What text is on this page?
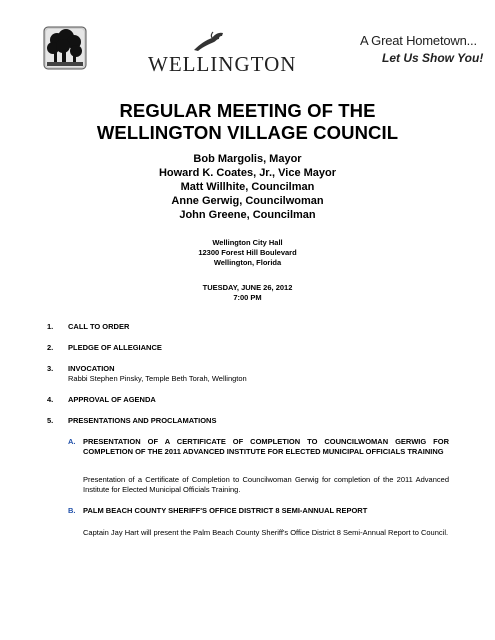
WELLINGTON
A Great Hometown...
Let Us Show You!
REGULAR MEETING OF THE
WELLINGTON VILLAGE COUNCIL
Bob Margolis, Mayor
Howard K. Coates, Jr., Vice Mayor
Matt Willhite, Councilman
Anne Gerwig, Councilwoman
John Greene, Councilman
Wellington City Hall
12300 Forest Hill Boulevard
Wellington, Florida
TUESDAY, JUNE 26, 2012
7:00 PM
1. CALL TO ORDER
2. PLEDGE OF ALLEGIANCE
3. INVOCATION
Rabbi Stephen Pinsky, Temple Beth Torah, Wellington
4. APPROVAL OF AGENDA
5. PRESENTATIONS AND PROCLAMATIONS
A. PRESENTATION OF A CERTIFICATE OF COMPLETION TO COUNCILWOMAN GERWIG FOR COMPLETION OF THE 2011 ADVANCED INSTITUTE FOR ELECTED MUNICIPAL OFFICIALS TRAINING
Presentation of a Certificate of Completion to Councilwoman Gerwig for completion of the 2011 Advanced Institute for Elected Municipal Officials Training.
B. PALM BEACH COUNTY SHERIFF'S OFFICE DISTRICT 8 SEMI-ANNUAL REPORT
Captain Jay Hart will present the Palm Beach County Sheriff's Office District 8 Semi-Annual Report to Council.
